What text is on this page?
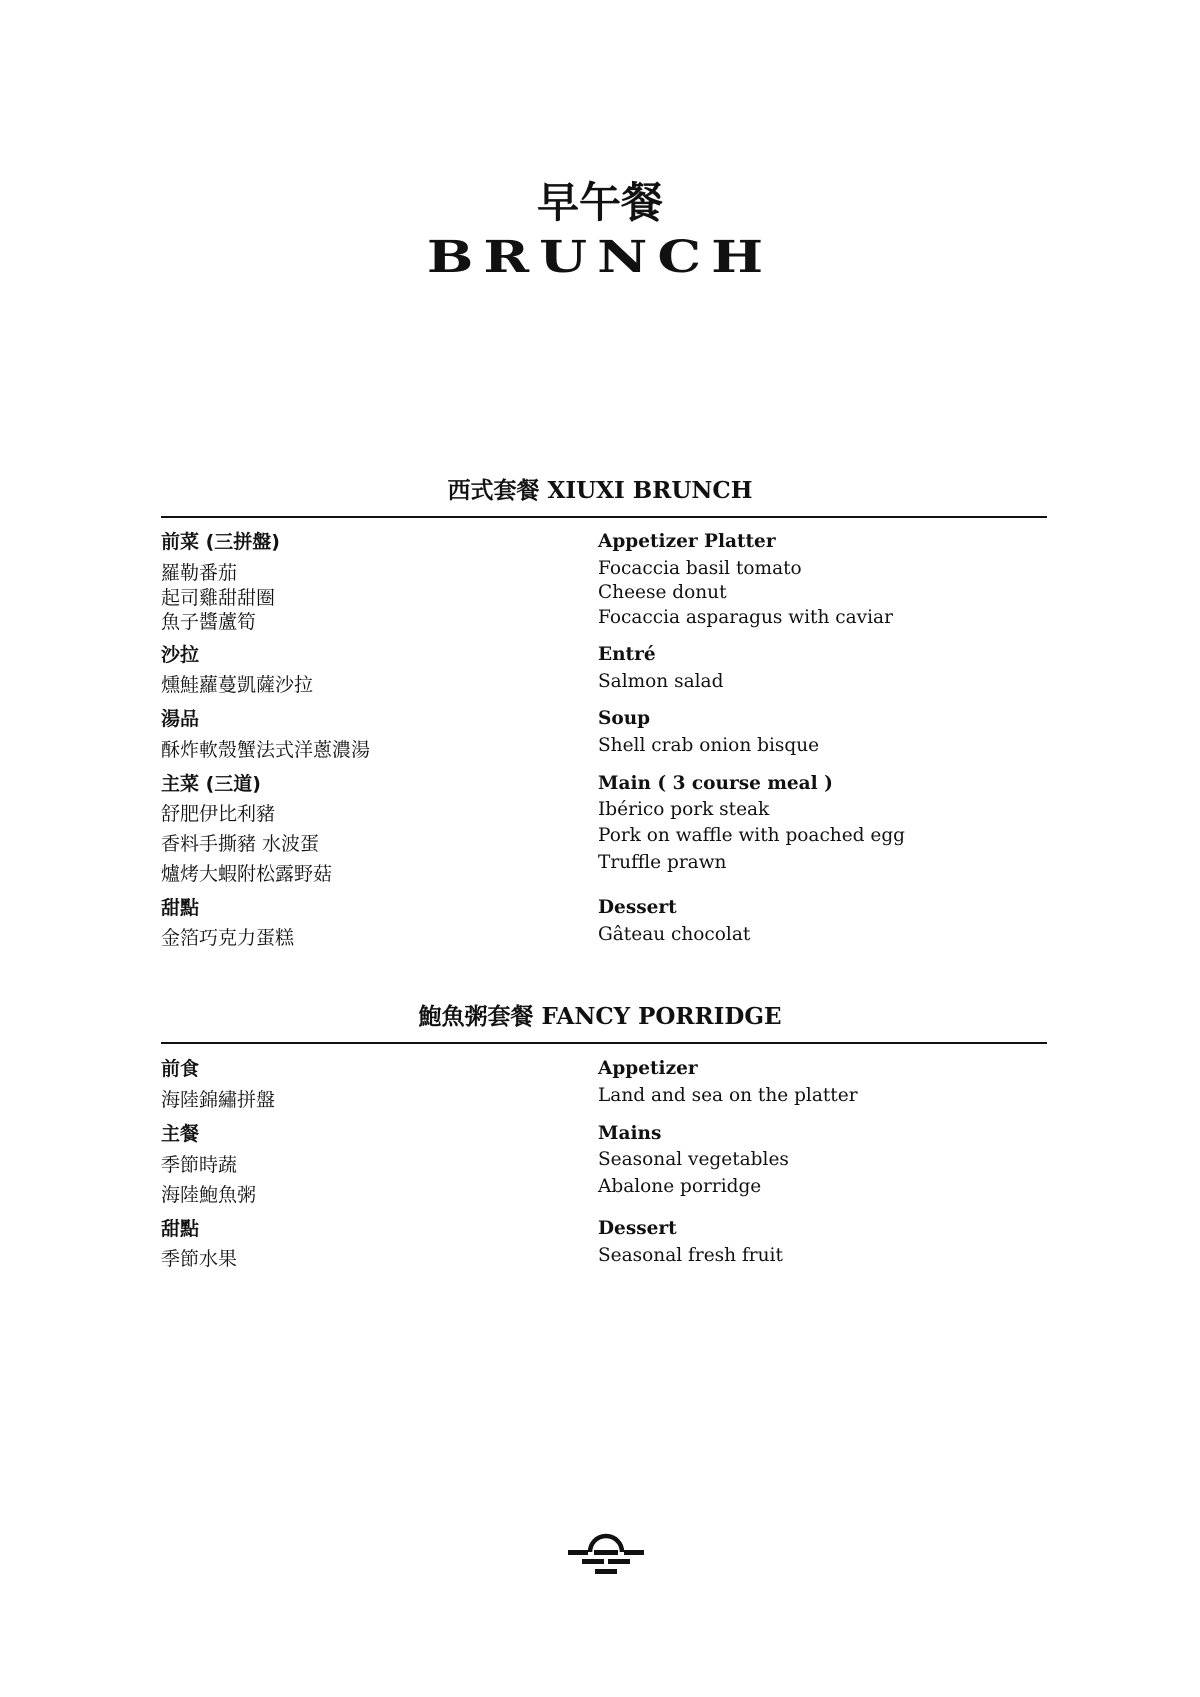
早午餐
BRUNCH
西式套餐 XIUXI BRUNCH
前菜 (三拼盤)
羅勒番茄
起司雞甜甜圈
魚子醬蘆筍
沙拉
燻鮭蘿蔓凱薩沙拉
湯品
酥炸軟殼蟹法式洋蔥濃湯
主菜 (三道)
舒肥伊比利豬
香料手撕豬 水波蛋
爐烤大蝦附松露野菇
甜點
金箔巧克力蛋糕
Appetizer Platter
Focaccia basil tomato
Cheese donut
Focaccia asparagus with caviar
Entré
Salmon salad
Soup
Shell crab onion bisque
Main ( 3 course meal )
Ibérico pork steak
Pork on waffle with poached egg
Truffle prawn
Dessert
Gâteau chocolat
鮑魚粥套餐 FANCY PORRIDGE
前食
海陸錦繡拼盤
主餐
季節時蔬
海陸鮑魚粥
甜點
季節水果
Appetizer
Land and sea on the platter
Mains
Seasonal vegetables
Abalone porridge
Dessert
Seasonal fresh fruit
